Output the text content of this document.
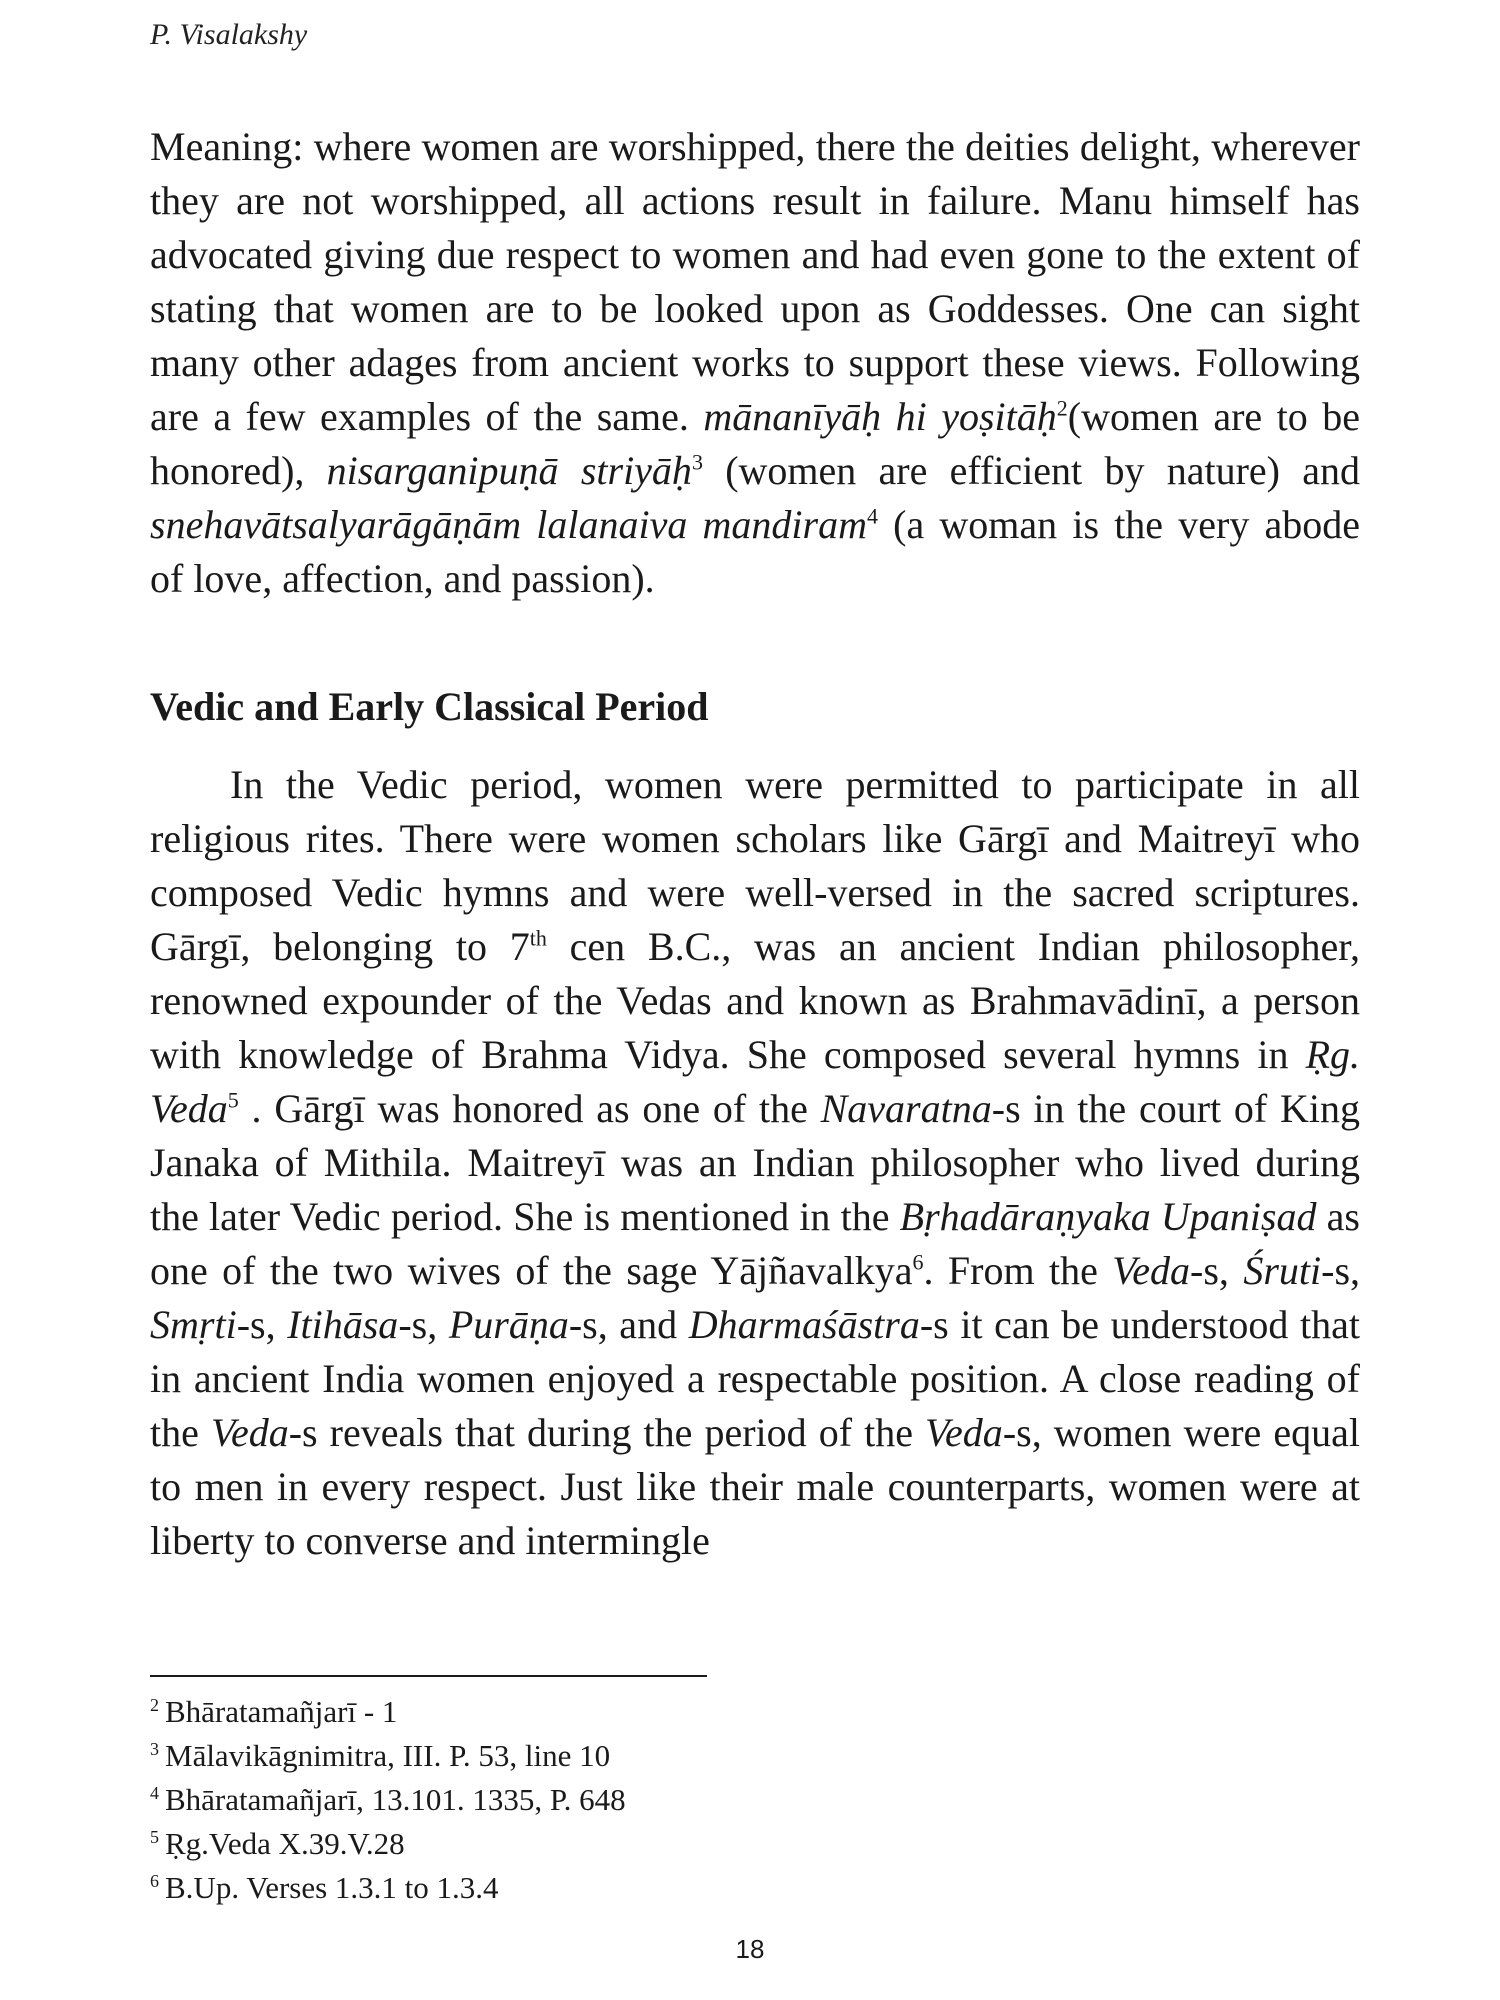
P. Visalakshy
Meaning: where women are worshipped, there the deities delight, wherever they are not worshipped, all actions result in failure. Manu himself has advocated giving due respect to women and had even gone to the extent of stating that women are to be looked upon as Goddesses. One can sight many other adages from ancient works to support these views. Following are a few examples of the same. mānanīyāḥ hi yoṣitāḥ$^2$(women are to be honored), nisarganipuṇā striyāḥ$^3$ (women are efficient by nature) and snehavātsalyarāgāṇām lalanaiva mandiram$^4$ (a woman is the very abode of love, affection, and passion).
Vedic and Early Classical Period
In the Vedic period, women were permitted to participate in all religious rites. There were women scholars like Gārgī and Maitreyī who composed Vedic hymns and were well-versed in the sacred scriptures. Gārgī, belonging to 7th cen B.C., was an ancient Indian philosopher, renowned expounder of the Vedas and known as Brahmavādinī, a person with knowledge of Brahma Vidya. She composed several hymns in Ṛg. Veda$^5$ . Gārgī was honored as one of the Navaratna-s in the court of King Janaka of Mithila. Maitreyī was an Indian philosopher who lived during the later Vedic period. She is mentioned in the Bṛhadāraṇyaka Upaniṣad as one of the two wives of the sage Yājñavalkya$^6$. From the Veda-s, Śruti-s, Smṛti-s, Itihāsa-s, Purāṇa-s, and Dharmaśāstra-s it can be understood that in ancient India women enjoyed a respectable position. A close reading of the Veda-s reveals that during the period of the Veda-s, women were equal to men in every respect. Just like their male counterparts, women were at liberty to converse and intermingle
$^2$ Bhāratamañjarī - 1
$^3$ Mālavikāgnimitra, III. P. 53, line 10
$^4$ Bhāratamañjarī, 13.101. 1335, P. 648
$^5$ Ṛg.Veda X.39.V.28
$^6$ B.Up. Verses 1.3.1 to 1.3.4
18
